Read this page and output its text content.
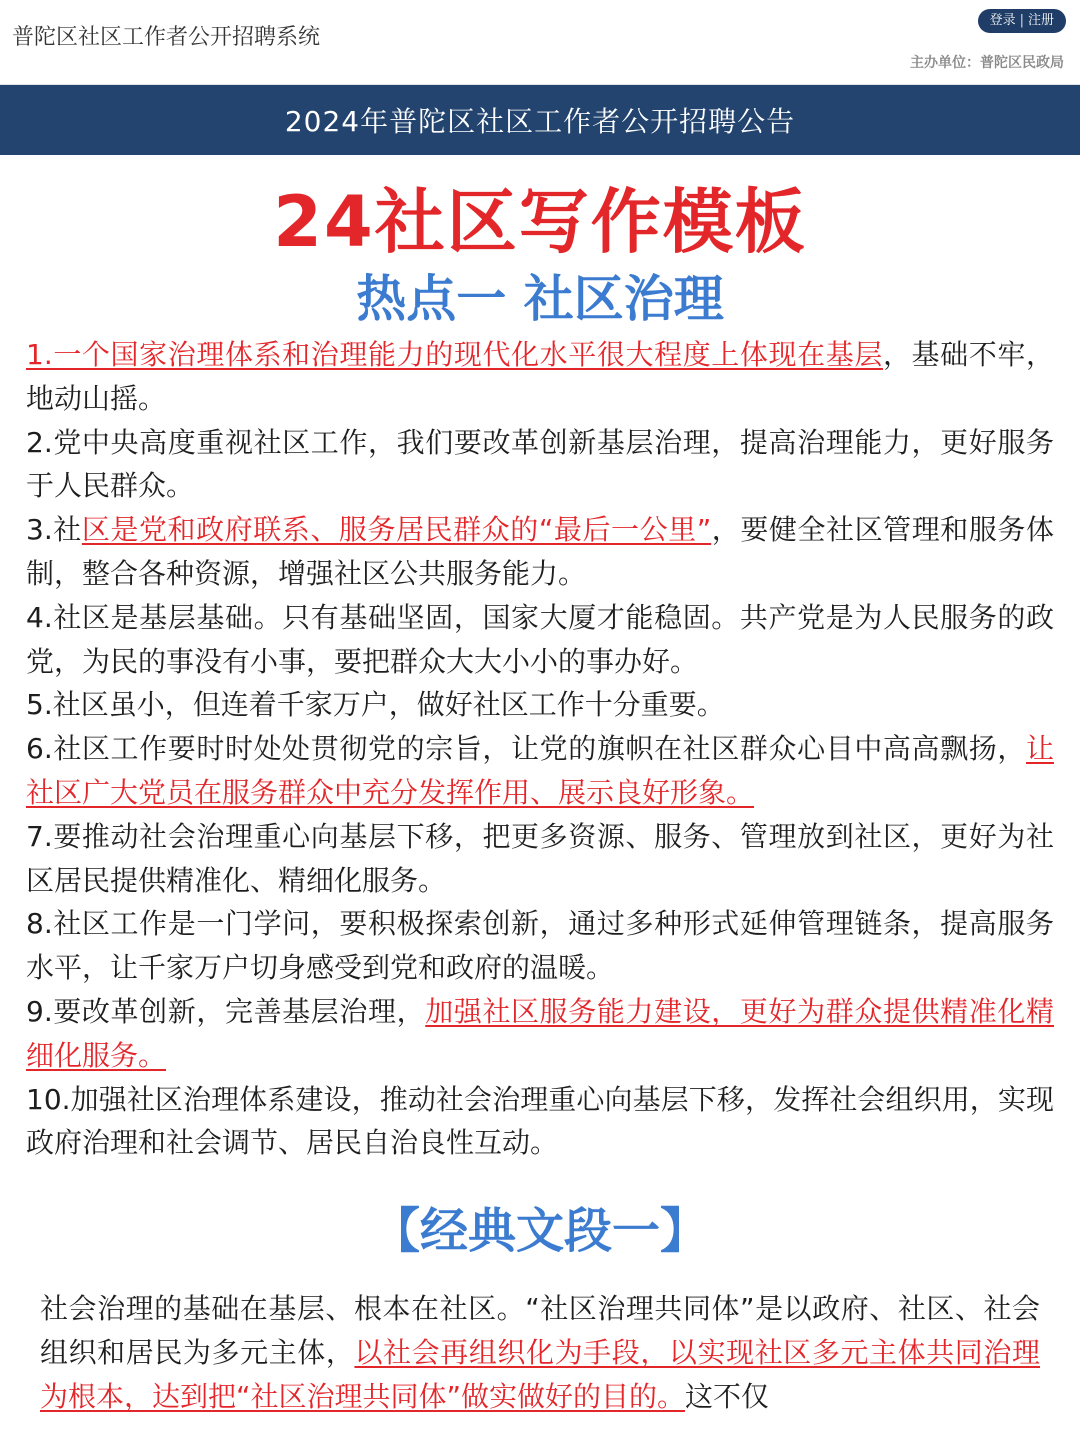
普陀区社区工作者公开招聘系统
登录 | 注册
主办单位：普陀区民政局
2024年普陀区社区工作者公开招聘公告
24社区写作模板
热点一 社区治理

1.一个国家治理体系和治理能力的现代化水平很大程度上体现在基层，基础不牢，地动山摇。

2.党中央高度重视社区工作，我们要改革创新基层治理，提高治理能力，更好服务于人民群众。

3.社区是党和政府联系、服务居民群众的“最后一公里”，要健全社区管理和服务体制，整合各种资源，增强社区公共服务能力。

4.社区是基层基础。只有基础坚固，国家大厦才能稳固。共产党是为人民服务的政党，为民的事没有小事，要把群众大大小小的事办好。

5.社区虽小，但连着千家万户，做好社区工作十分重要。

6.社区工作要时时处处贯彻党的宗旨，让党的旗帜在社区群众心目中高高飘扬，让社区广大党员在服务群众中充分发挥作用、展示良好形象。

7.要推动社会治理重心向基层下移，把更多资源、服务、管理放到社区，更好为社区居民提供精准化、精细化服务。

8.社区工作是一门学问，要积极探索创新，通过多种形式延伸管理链条，提高服务水平，让千家万户切身感受到党和政府的温暖。

9.要改革创新，完善基层治理，加强社区服务能力建设，更好为群众提供精准化精细化服务。

10.加强社区治理体系建设，推动社会治理重心向基层下移，发挥社会组织用，实现政府治理和社会调节、居民自治良性互动。

【经典文段一】

社会治理的基础在基层、根本在社区。“社区治理共同体”是以政府、社区、社会组织和居民为多元主体，以社会再组织化为手段，以实现社区多元主体共同治理为根本，达到把“社区治理共同体”做实做好的目的。这不仅
